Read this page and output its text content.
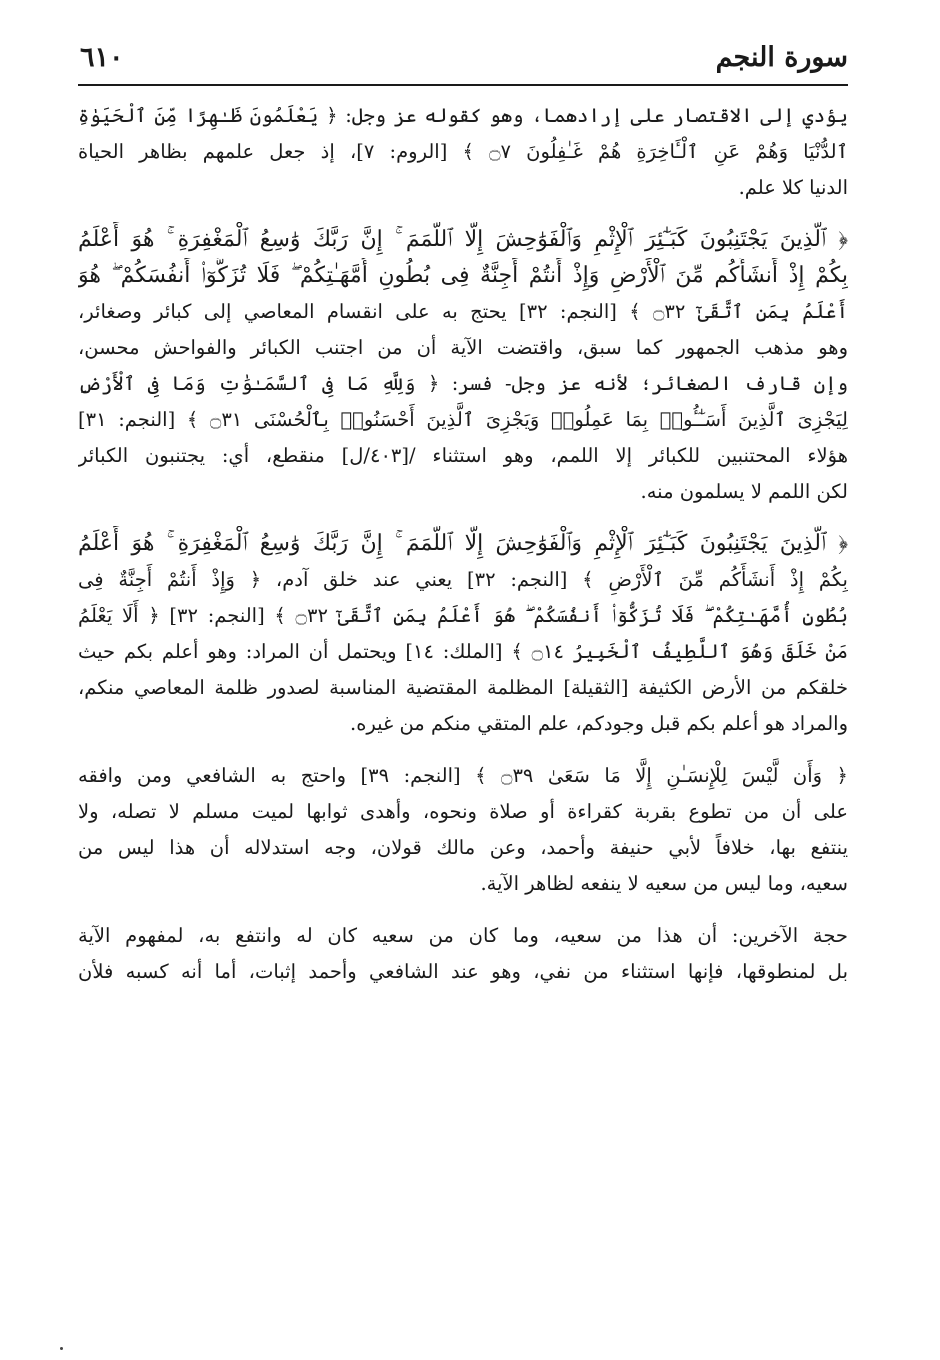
سورة النجم
٦١٠
يؤدي إلى الاقتصار على إرادهما، وهو كقوله عز وجل: ﴿ يَعْلَمُونَ ظَـٰهِرًا مِّنَ ٱلْحَيَوٰةِ
ٱلدُّنْيَا وَهُمْ عَنِ ٱلْـَٔاخِرَةِ هُمْ غَـٰفِلُونَ ۝٧ ﴾ [الروم: ٧]، إذ جعل علمهم بظاهر الحياة
الدنيا كلا علم.
﴿ ٱلَّذِينَ يَجْتَنِبُونَ كَبَـٰٓئِرَ ٱلْإِثْمِ وَٱلْفَوَٰحِشَ إِلَّا ٱللَّمَمَ ۚ إِنَّ رَبَّكَ وَٰسِعُ ٱلْمَغْفِرَةِ ۚ هُوَ أَعْلَمُ
بِكُمْ إِذْ أَنشَأَكُم مِّنَ ٱلْأَرْضِ وَإِذْ أَنتُمْ أَجِنَّةٌ فِى بُطُونِ أُمَّهَـٰتِكُمْ ۖ فَلَا تُزَكُّوٓا۟ أَنفُسَكُمْ ۖ هُوَ
أَعْلَمُ بِمَنِ ٱتَّقَىٰٓ ۝٣٢ ﴾ [النجم: ٣٢] يحتج به على انقسام المعاصي إلى كبائر وصغائر،
وهو مذهب الجمهور كما سبق، واقتضت الآية أن من اجتنب الكبائر والفواحش محسن،
وإن قارف الصغائر؛ لأنه عز وجل- فسر: ﴿ وَلِلَّهِ مَا فِى ٱلسَّمَـٰوَٰتِ وَمَا فِى ٱلْأَرْضِ
لِيَجْزِىَ ٱلَّذِينَ أَسَـٰٓـُٔوا۟ بِمَا عَمِلُوا۟ وَيَجْزِىَ ٱلَّذِينَ أَحْسَنُوا۟ بِٱلْحُسْنَى ۝٣١ ﴾ [النجم: ٣١]
هؤلاء المحتنبين للكبائر إلا اللمم، وهو استثناء /[٤٠٣/ل] منقطع، أي: يجتنبون الكبائر
لكن اللمم لا يسلمون منه.
﴿ ٱلَّذِينَ يَجْتَنِبُونَ كَبَـٰٓئِرَ ٱلْإِثْمِ وَٱلْفَوَٰحِشَ إِلَّا ٱللَّمَمَ ۚ إِنَّ رَبَّكَ وَٰسِعُ ٱلْمَغْفِرَةِ ۚ هُوَ أَعْلَمُ
بِكُمْ إِذْ أَنشَأَكُم مِّنَ ٱلْأَرْضِ ﴾ [النجم: ٣٢] يعني عند خلق آدم، ﴿ وَإِذْ أَنتُمْ أَجِنَّةٌ فِى
بُطُونِ أُمَّهَـٰتِكُمْ ۖ فَلَا تُزَكُّوٓا۟ أَنفُسَكُمْ ۖ هُوَ أَعْلَمُ بِمَنِ ٱتَّقَىٰٓ ۝٣٢ ﴾ [النجم: ٣٢] ﴿ أَلَا يَعْلَمُ
مَنْ خَلَقَ وَهُوَ ٱللَّطِيفُ ٱلْخَبِيرُ ۝١٤ ﴾ [الملك: ١٤] ويحتمل أن المراد: وهو أعلم بكم حيث
خلقكم من الأرض الكثيفة [الثقيلة] المظلمة المقتضية المناسبة لصدور ظلمة المعاصي منكم،
والمراد هو أعلم بكم قبل وجودكم، علم المتقي منكم من غيره.
﴿ وَأَن لَّيْسَ لِلْإِنسَـٰنِ إِلَّا مَا سَعَىٰ ۝٣٩ ﴾ [النجم: ٣٩] واحتج به الشافعي ومن وافقه
على أن من تطوع بقربة كقراءة أو صلاة ونحوه، وأهدى ثوابها لميت مسلم لا تصله، ولا
ينتفع بها، خلافاً لأبي حنيفة وأحمد، وعن مالك قولان، وجه استدلاله أن هذا ليس من
سعيه، وما ليس من سعيه لا ينفعه لظاهر الآية.
حجة الآخرين: أن هذا من سعيه، وما كان من سعيه كان له وانتفع به، لمفهوم الآية
بل لمنطوقها، فإنها استثناء من نفي، وهو عند الشافعي وأحمد إثبات، أما أنه كسبه فلأن
